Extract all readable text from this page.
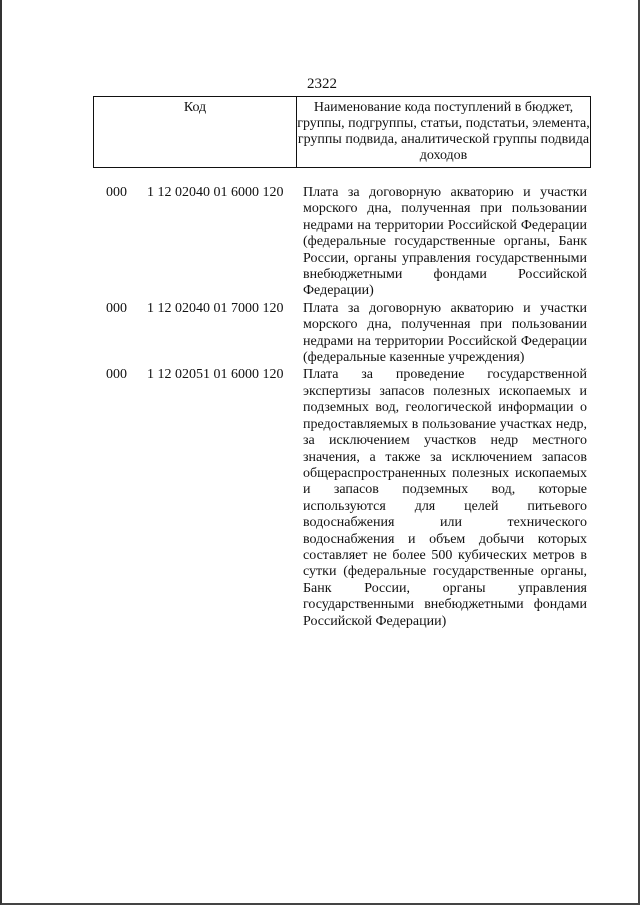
2322
Код	Наименование кода поступлений в бюджет, группы, подгруппы, статьи, подстатьи, элемента, группы подвида, аналитической группы подвида доходов
000 1 12 02040 01 6000 120 Плата за договорную акваторию и участки морского дна, полученная при пользовании недрами на территории Российской Федерации (федеральные государственные органы, Банк России, органы управления государственными внебюджетными фондами Российской Федерации)
000 1 12 02040 01 7000 120 Плата за договорную акваторию и участки морского дна, полученная при пользовании недрами на территории Российской Федерации (федеральные казенные учреждения)
000 1 12 02051 01 6000 120 Плата за проведение государственной экспертизы запасов полезных ископаемых и подземных вод, геологической информации о предоставляемых в пользование участках недр, за исключением участков недр местного значения, а также за исключением запасов общераспространенных полезных ископаемых и запасов подземных вод, которые используются для целей питьевого водоснабжения или технического водоснабжения и объем добычи которых составляет не более 500 кубических метров в сутки (федеральные государственные органы, Банк России, органы управления государственными внебюджетными фондами Российской Федерации)
